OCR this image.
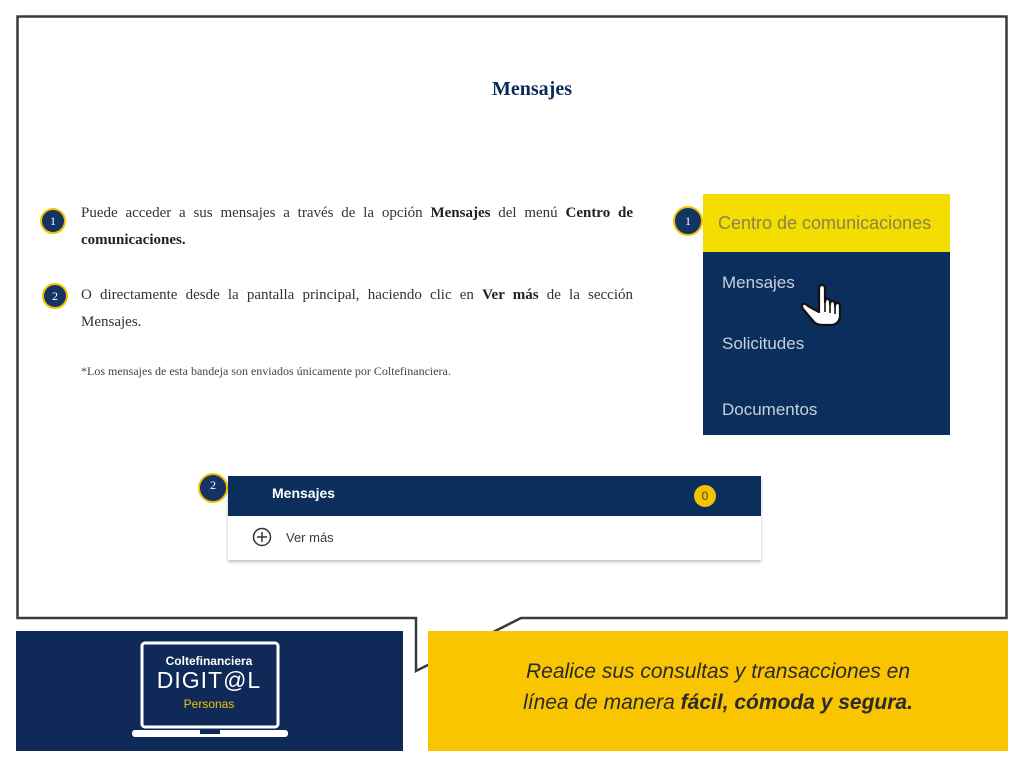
Mensajes
1	Puede acceder a sus mensajes a través de la opción Mensajes del menú Centro de comunicaciones.

2	O directamente desde la pantalla principal, haciendo clic en Ver más de la sección Mensajes.

*Los mensajes de esta bandeja son enviados únicamente por Coltefinanciera.
1	Centro de comunicaciones
Mensajes
Solicitudes
Documentos
2	Mensajes	0
Ver más
Coltefinanciera
DIGIT@L
Personas
Realice sus consultas y transacciones en
línea de manera fácil, cómoda y segura.
